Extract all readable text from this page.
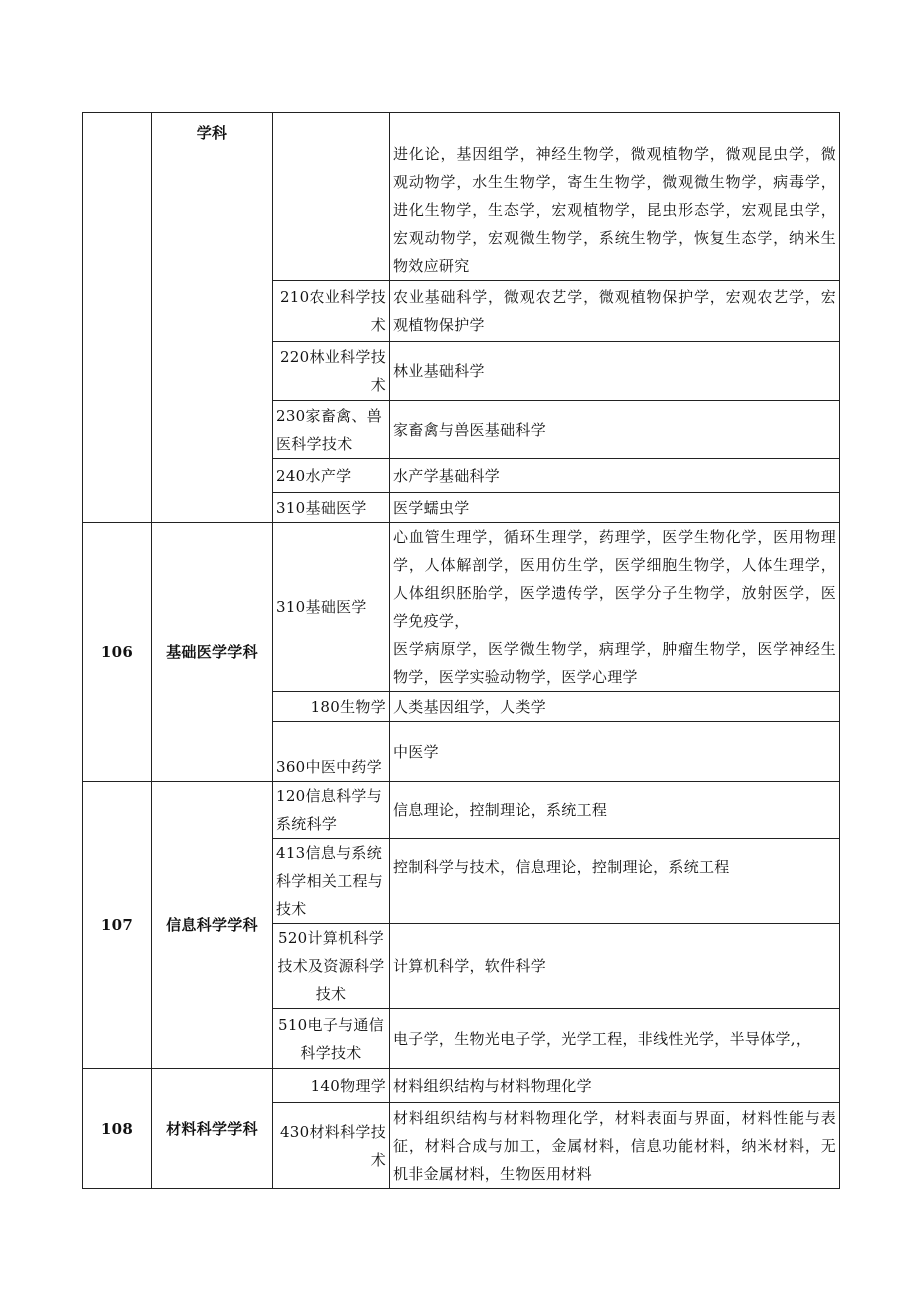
	学科		进化论，基因组学，神经生物学，微观植物学，微观昆虫学，微观动物学，水生生物学，寄生生物学，微观微生物学，病毒学，进化生物学，生态学，宏观植物学，昆虫形态学，宏观昆虫学，宏观动物学，宏观微生物学，系统生物学，恢复生态学，纳米生物效应研究
		210农业科学技术	农业基础科学，微观农艺学，微观植物保护学，宏观农艺学，宏观植物保护学
		220林业科学技术	林业基础科学
		230家畜禽、兽医科学技术	家畜禽与兽医基础科学
		240水产学	水产学基础科学
		310基础医学	医学蠕虫学
106	基础医学学科	310基础医学	心血管生理学，循环生理学，药理学，医学生物化学，医用物理学，人体解剖学，医用仿生学，医学细胞生物学，人体生理学，人体组织胚胎学，医学遗传学，医学分子生物学，放射医学，医学免疫学，
医学病原学，医学微生物学，病理学，肿瘤生物学，医学神经生物学，医学实验动物学，医学心理学

		180生物学	人类基因组学，人类学
		360中医中药学	中医学
107	信息科学学科	120信息科学与系统科学	信息理论，控制理论，系统工程
		413信息与系统科学相关工程与技术	控制科学与技术，信息理论，控制理论，系统工程
		520计算机科学技术及资源科学技术	计算机科学，软件科学
		510电子与通信科学技术	电子学，生物光电子学，光学工程，非线性光学，半导体学,，
108	材料科学学科	140物理学	材料组织结构与材料物理化学
		430材料科学技术	材料组织结构与材料物理化学，材料表面与界面，材料性能与表征，材料合成与加工，金属材料，信息功能材料，纳米材料，无机非金属材料，生物医用材料
